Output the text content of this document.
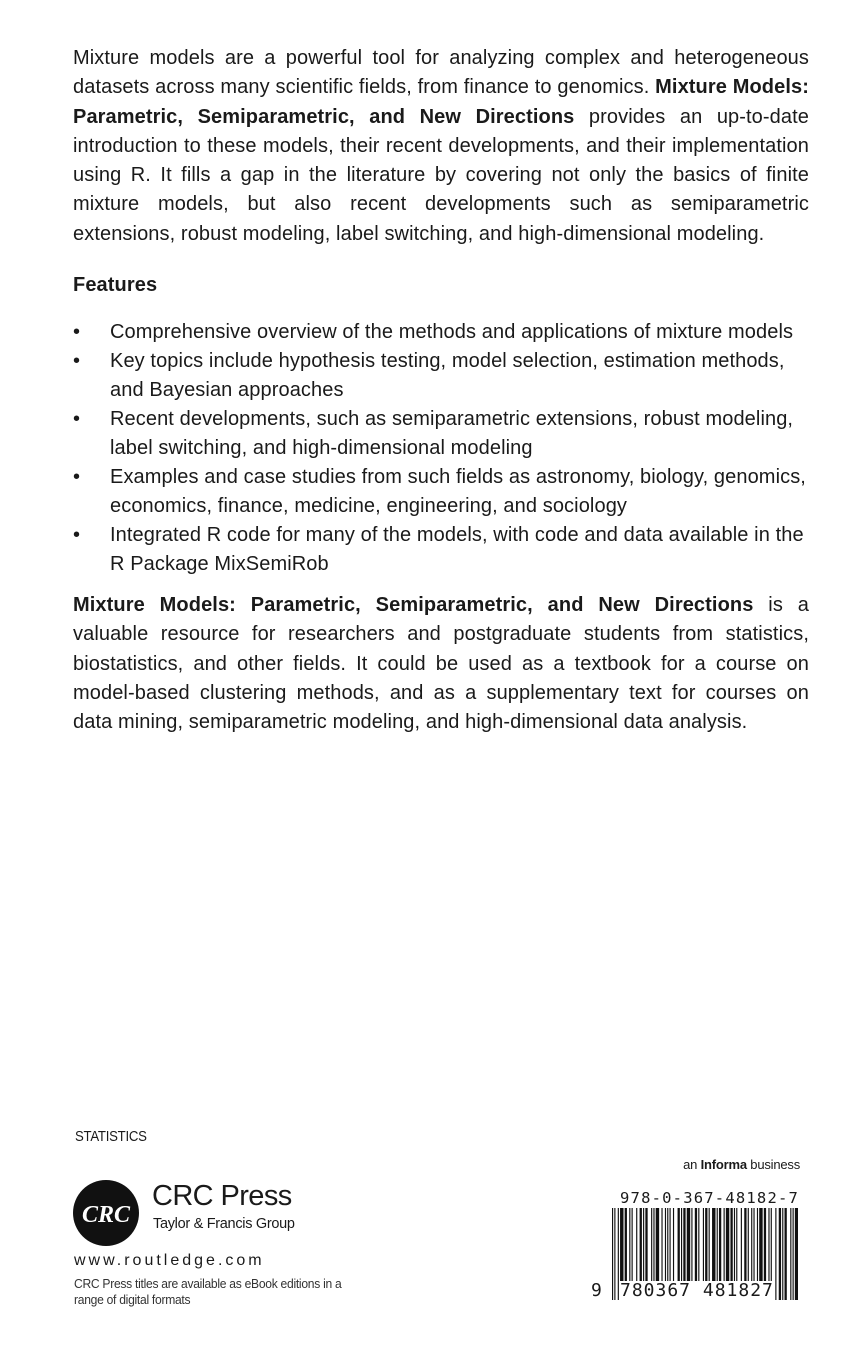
Mixture models are a powerful tool for analyzing complex and heterogeneous datasets across many scientific fields, from finance to genomics. Mixture Models: Parametric, Semiparametric, and New Directions provides an up-to-date introduction to these models, their recent developments, and their implementation using R. It fills a gap in the literature by covering not only the basics of finite mixture models, but also recent developments such as semiparametric extensions, robust modeling, label switching, and high-dimensional modeling.

Features
• Comprehensive overview of the methods and applications of mixture models
• Key topics include hypothesis testing, model selection, estimation methods, and Bayesian approaches
• Recent developments, such as semiparametric extensions, robust modeling, label switching, and high-dimensional modeling
• Examples and case studies from such fields as astronomy, biology, genomics, economics, finance, medicine, engineering, and sociology
• Integrated R code for many of the models, with code and data available in the R Package MixSemiRob

Mixture Models: Parametric, Semiparametric, and New Directions is a valuable resource for researchers and postgraduate students from statistics, biostatistics, and other fields. It could be used as a textbook for a course on model-based clustering methods, and as a supplementary text for courses on data mining, semiparametric modeling, and high-dimensional data analysis.

STATISTICS
CRC
CRC Press
Taylor & Francis Group
www.routledge.com
CRC Press titles are available as eBook editions in a range of digital formats
an Informa business
978-0-367-48182-7
9 780367 481827
